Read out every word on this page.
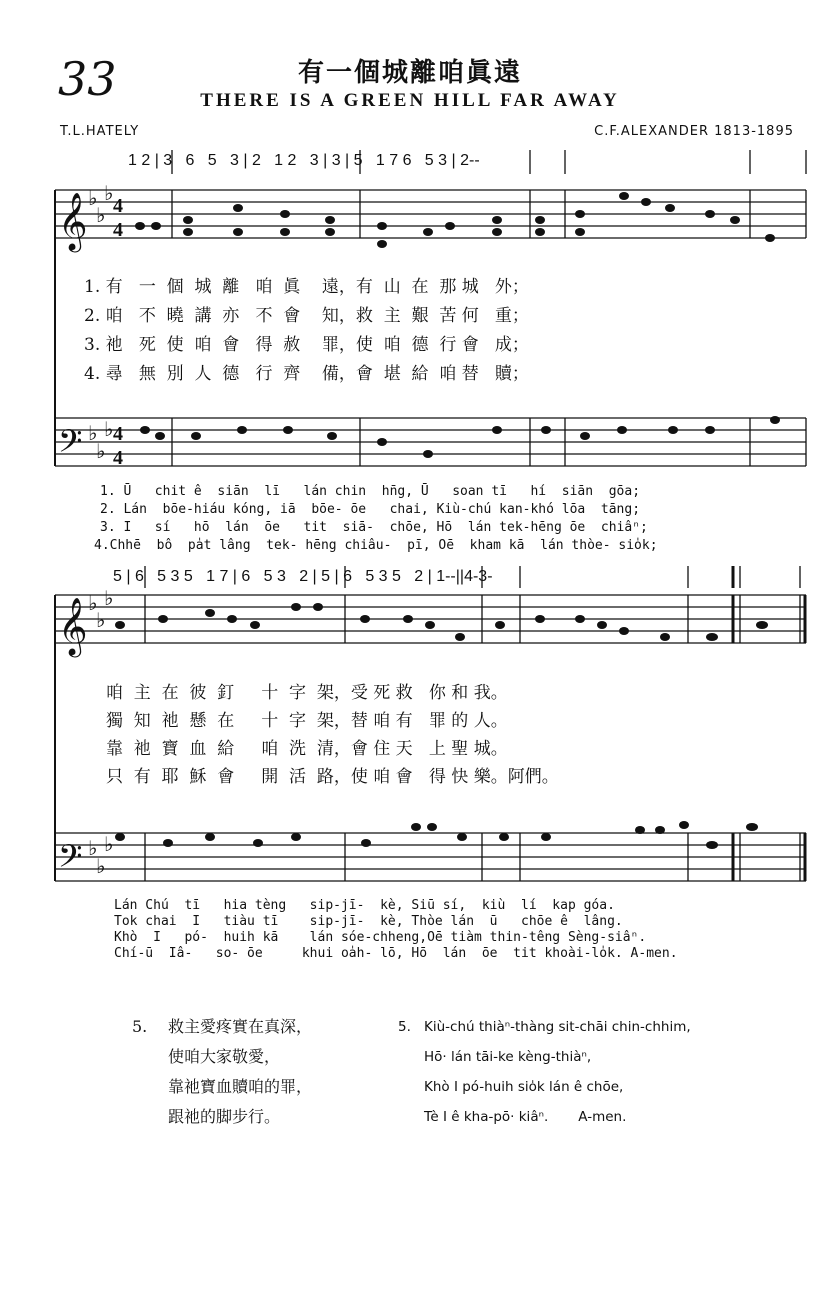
33	有一個城離咱眞遠
THERE IS A GREEN HILL FAR AWAY
T.L.HATELY	C.F.ALEXANDER 1813-1895
1 2 | 3   6   5   3 | 2   1 2   3 | 3 | 5   1 7 6   5 3 | 2--
𝄞
𝄢
𝄞
𝄢
♭
♭
♭
♭
♭
♭
♭
♭
♭
♭
♭
♭
4
4
4
4
1. 有   一  個  城  離   咱  眞    遠，有  山  在  那 城   外；
2. 咱   不  曉  講  亦   不  會    知，救  主  艱  苦 何   重；
3. 祂   死  使  咱  會   得  赦    罪，使  咱  德  行 會   成；
4. 尋   無  別  人  德   行  齊    備，會  堪  給  咱 替   贖；
1. Ū   chit ê  siān  lī   lán chin  hn̄g, Ū   soan tī   hí  siān  gōa;
2. Lán  bōe-hiáu kóng, iā  bōe- ōe   chai, Kiù-chú kan-khó lōa  tāng;
3. I   sí   hō  lán  ōe   tit  siā-  chōe, Hō  lán tek-hēng ōe  chiâⁿ;
4.Chhē  bô  pa̍t lâng  tek- hēng chiâu-  pī, Oē  kham kā  lán thòe- sio̍k;
5 | 6   5 3 5   1 7 | 6   5 3   2 | 5 | 6   5 3 5   2 | 1--||4-3-
咱  主  在  彼  釘     十  字  架，受 死 救   你 和 我。
獨  知  祂  懸  在     十  字  架，替 咱 有   罪 的 人。
靠  祂  寶  血  給     咱  洗  清，會 住 天   上 聖 城。
只  有  耶  穌  會     開  活  路，使 咱 會   得 快 樂。阿們。
Lán Chú  tī   hia tèng   sip-jī-  kè, Siū sí,  kiù  lí  kap góa.
Tok chai  I   tiàu tī    sip-jī-  kè, Thòe lán  ū   chōe ê  lâng.
Khò  I   pó-  huih kā    lán sóe-chheng,Oē tiàm thin-têng Sèng-siâⁿ.
Chí-ū  Iâ-   so- ōe     khui oa̍h- lō, Hō  lán  ōe  tit khoài-lo̍k. A-men.
5. 救主愛疼實在真深，
使咱大家敬愛，
靠祂寶血贖咱的罪，
跟祂的脚步行。
5. Kiù-chú thiàⁿ-thàng sit-chāi chin-chhim,
Hō· lán tāi-ke kèng-thiàⁿ,
Khò I pó-huih sio̍k lán ê chōe,
Tè I ê kha-pō· kiâⁿ.       A-men.
